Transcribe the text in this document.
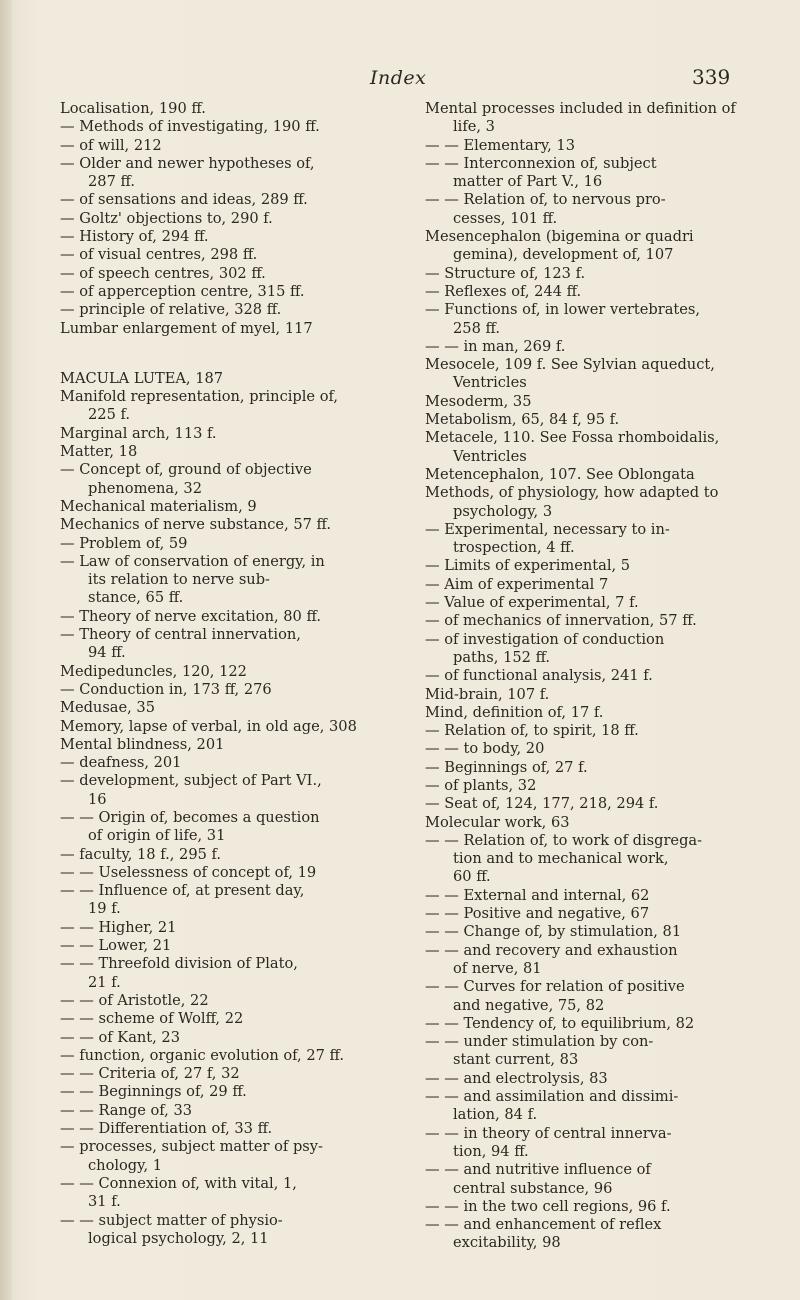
Index	339
Localisation, 190 ff.
— Methods of investigating, 190 ff.
— of will, 212
— Older and newer hypotheses of,
287 ff.
— of sensations and ideas, 289 ff.
— Goltz' objections to, 290 f.
— History of, 294 ff.
— of visual centres, 298 ff.
— of speech centres, 302 ff.
— of apperception centre, 315 ff.
— principle of relative, 328 ff.
Lumbar enlargement of myel, 117
MACULA LUTEA, 187
Manifold representation, principle of,
225 f.
Marginal arch, 113 f.
Matter, 18
— Concept of, ground of objective
phenomena, 32
Mechanical materialism, 9
Mechanics of nerve substance, 57 ff.
— Problem of, 59
— Law of conservation of energy, in
its relation to nerve sub-
stance, 65 ff.
— Theory of nerve excitation, 80 ff.
— Theory of central innervation,
94 ff.
Medipeduncles, 120, 122
— Conduction in, 173 ff, 276
Medusae, 35
Memory, lapse of verbal, in old age, 308
Mental blindness, 201
— deafness, 201
— development, subject of Part VI.,
16
— — Origin of, becomes a question
of origin of life, 31
— faculty, 18 f., 295 f.
— — Uselessness of concept of, 19
— — Influence of, at present day,
19 f.
— — Higher, 21
— — Lower, 21
— — Threefold division of Plato,
21 f.
— — of Aristotle, 22
— — scheme of Wolff, 22
— — of Kant, 23
— function, organic evolution of, 27 ff.
— — Criteria of, 27 f, 32
— — Beginnings of, 29 ff.
— — Range of, 33
— — Differentiation of, 33 ff.
— processes, subject matter of psy-
chology, 1
— — Connexion of, with vital, 1,
31 f.
— — subject matter of physio-
logical psychology, 2, 11
Mental processes included in definition of
life, 3
— — Elementary, 13
— — Interconnexion of, subject
matter of Part V., 16
— — Relation of, to nervous pro-
cesses, 101 ff.
Mesencephalon (bigemina or quadri
gemina), development of, 107
— Structure of, 123 f.
— Reflexes of, 244 ff.
— Functions of, in lower vertebrates,
258 ff.
— — in man, 269 f.
Mesocele, 109 f. See Sylvian aqueduct,
Ventricles
Mesoderm, 35
Metabolism, 65, 84 f, 95 f.
Metacele, 110. See Fossa rhomboidalis,
Ventricles
Metencephalon, 107. See Oblongata
Methods, of physiology, how adapted to
psychology, 3
— Experimental, necessary to in-
trospection, 4 ff.
— Limits of experimental, 5
— Aim of experimental 7
— Value of experimental, 7 f.
— of mechanics of innervation, 57 ff.
— of investigation of conduction
paths, 152 ff.
— of functional analysis, 241 f.
Mid-brain, 107 f.
Mind, definition of, 17 f.
— Relation of, to spirit, 18 ff.
— — to body, 20
— Beginnings of, 27 f.
— of plants, 32
— Seat of, 124, 177, 218, 294 f.
Molecular work, 63
— — Relation of, to work of disgrega-
tion and to mechanical work,
60 ff.
— — External and internal, 62
— — Positive and negative, 67
— — Change of, by stimulation, 81
— — and recovery and exhaustion
of nerve, 81
— — Curves for relation of positive
and negative, 75, 82
— — Tendency of, to equilibrium, 82
— — under stimulation by con-
stant current, 83
— — and electrolysis, 83
— — and assimilation and dissimi-
lation, 84 f.
— — in theory of central innerva-
tion, 94 ff.
— — and nutritive influence of
central substance, 96
— — in the two cell regions, 96 f.
— — and enhancement of reflex
excitability, 98
